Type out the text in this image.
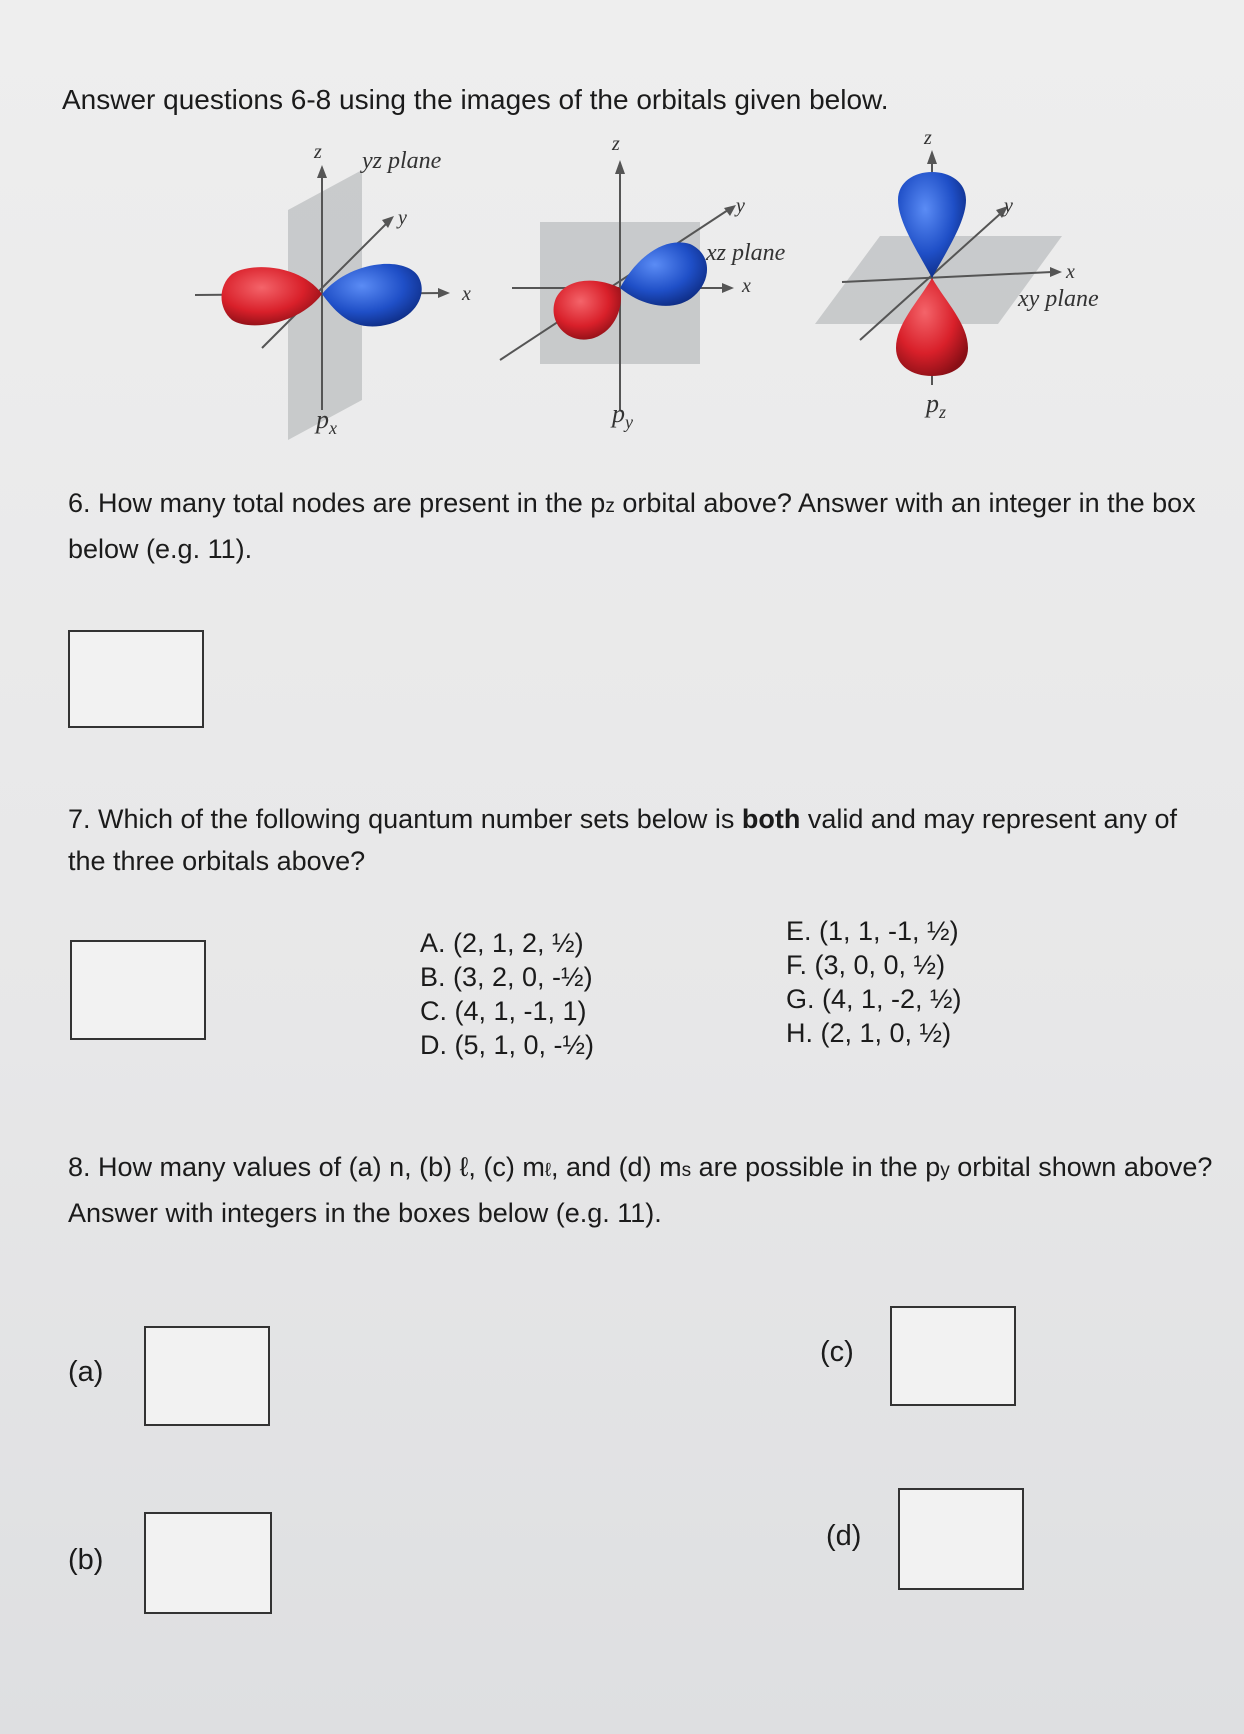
Answer questions 6-8 using the images of the orbitals given below.
z yz plane
y
x
$p_x$
z
y
xz plane
x
$p_y$
z
y
x
xy plane
$p_z$
6. How many total nodes are present in the pz orbital above? Answer with an integer in the box below (e.g. 11).
7. Which of the following quantum number sets below is both valid and may represent any of the three orbitals above?
A. (2, 1, 2, ½)
B. (3, 2, 0, -½)
C. (4, 1, -1, 1)
D. (5, 1, 0, -½)
E. (1, 1, -1, ½)
F. (3, 0, 0, ½)
G. (4, 1, -2, ½)
H. (2, 1, 0, ½)
8. How many values of (a) n, (b) ℓ, (c) mℓ, and (d) ms are possible in the py orbital shown above? Answer with integers in the boxes below (e.g. 11).
(a)
(b)
(c)
(d)
